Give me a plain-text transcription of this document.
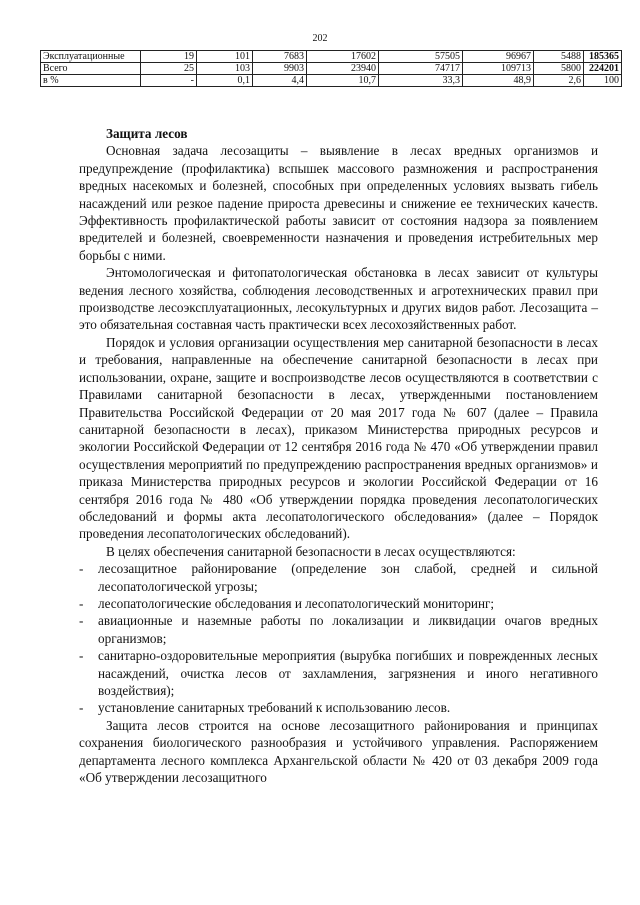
202
Эксплуатационные	19	101	7683	17602	57505	96967	5488	185365
Всего	25	103	9903	23940	74717	109713	5800	224201
в %	-	0,1	4,4	10,7	33,3	48,9	2,6	100
Защита лесов

Основная задача лесозащиты – выявление в лесах вредных организмов и предупреждение (профилактика) вспышек массового размножения и распространения вредных насекомых и болезней, способных при определенных условиях вызвать гибель насаждений или резкое падение прироста древесины и снижение ее технических качеств. Эффективность профилактической работы зависит от состояния надзора за появлением вредителей и болезней, своевременности назначения и проведения истребительных мер борьбы с ними.

Энтомологическая и фитопатологическая обстановка в лесах зависит от культуры ведения лесного хозяйства, соблюдения лесоводственных и агротехнических правил при производстве лесоэксплуатационных, лесокультурных и других видов работ. Лесозащита – это обязательная составная часть практически всех лесохозяйственных работ.

Порядок и условия организации осуществления мер санитарной безопасности в лесах и требования, направленные на обеспечение санитарной безопасности в лесах при использовании, охране, защите и воспроизводстве лесов осуществляются в соответствии с Правилами санитарной безопасности в лесах, утвержденными постановлением Правительства Российской Федерации от 20 мая 2017 года № 607 (далее – Правила санитарной безопасности в лесах), приказом Министерства природных ресурсов и экологии Российской Федерации от 12 сентября 2016 года № 470 «Об утверждении правил осуществления мероприятий по предупреждению распространения вредных организмов» и приказа Министерства природных ресурсов и экологии Российской Федерации от 16 сентября 2016 года № 480 «Об утверждении порядка проведения лесопатологических обследований и формы акта лесопатологического обследования» (далее – Порядок проведения лесопатологических обследований).

В целях обеспечения санитарной безопасности в лесах осуществляются:

-	лесозащитное районирование (определение зон слабой, средней и сильной лесопатологической угрозы;
-	лесопатологические обследования и лесопатологический мониторинг;
-	авиационные и наземные работы по локализации и ликвидации очагов вредных организмов;
-	санитарно-оздоровительные мероприятия (вырубка погибших и поврежденных лесных насаждений, очистка лесов от захламления, загрязнения и иного негативного воздействия);
-	установление санитарных требований к использованию лесов.

Защита лесов строится на основе лесозащитного районирования и принципах сохранения биологического разнообразия и устойчивого управления. Распоряжением департамента лесного комплекса Архангельской области № 420 от 03 декабря 2009 года «Об утверждении лесозащитного
